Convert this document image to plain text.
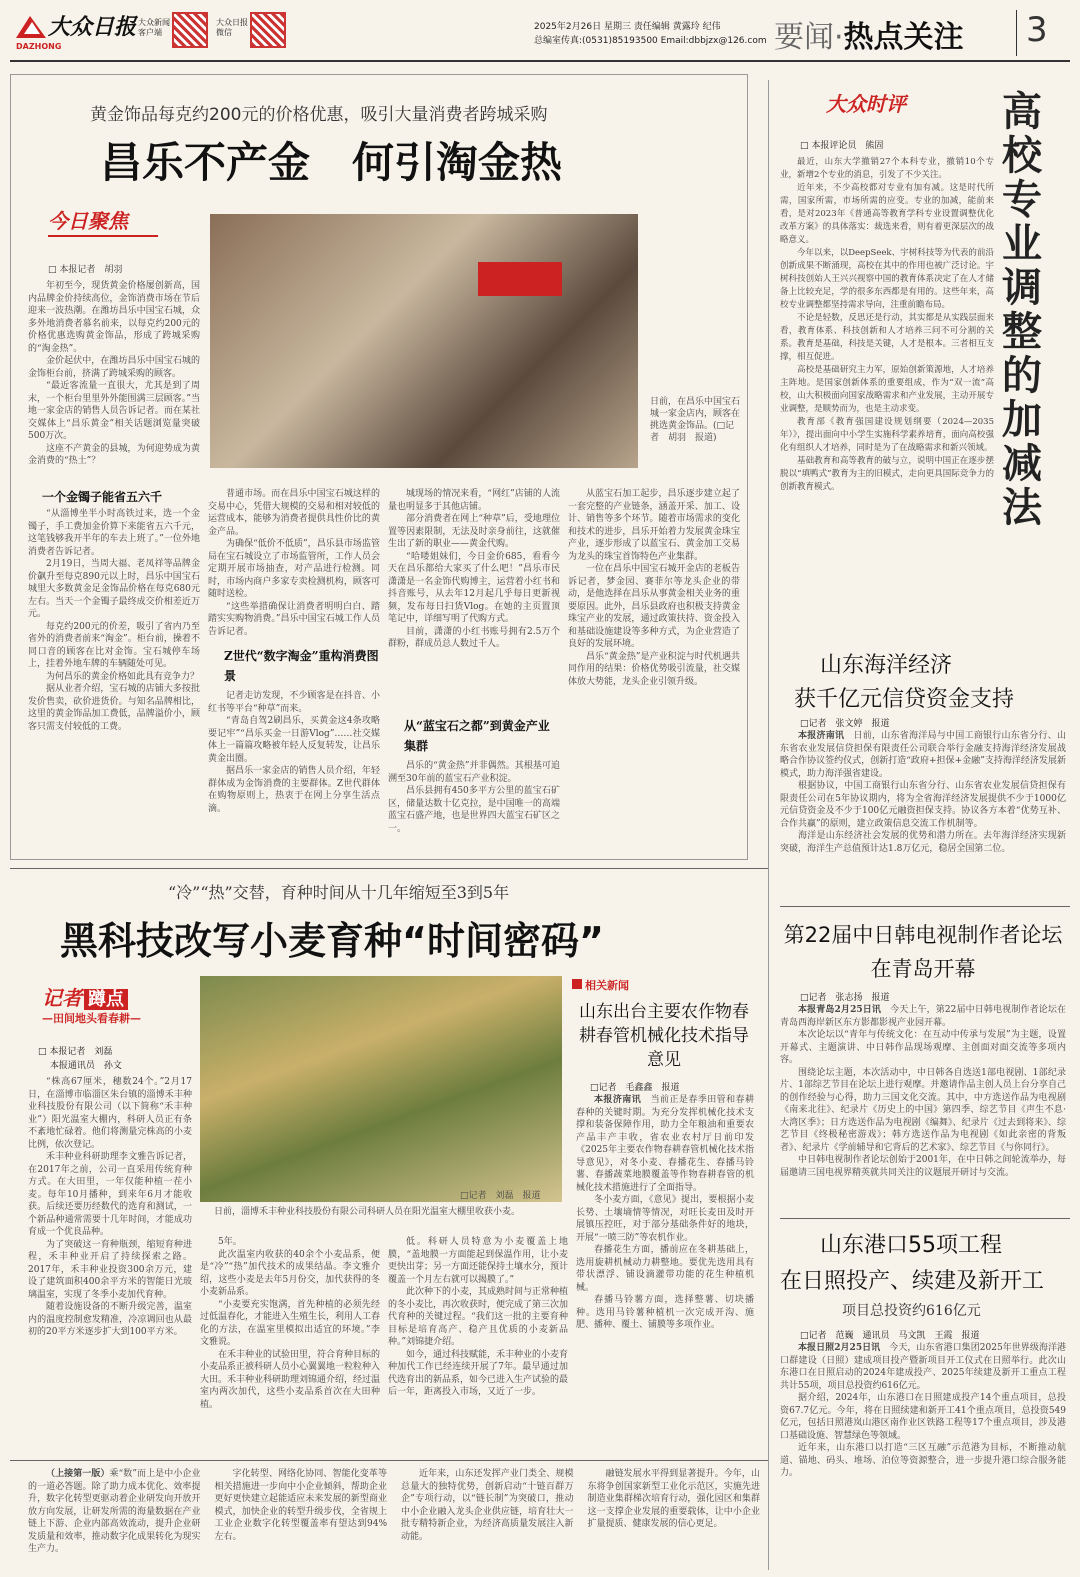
大众日报
DAZHONG
大众新闻
客户端
大众日报
微信
2025年2月26日 星期三 责任编辑 黄露玲 纪伟
总编室传真:(0531)85193500 Email:dbbjzx@126.com 要闻·热点关注 3
黄金饰品每克约200元的价格优惠，吸引大量消费者跨城采购
昌乐不产金　何引淘金热
今日聚焦
□ 本报记者　胡羽
日前，在昌乐中国宝石城一家金店内，顾客在挑选黄金饰品。(□记者　胡羽　报道)

年初至今，现货黄金价格屡创新高，国内品牌金价持续高位，金饰消费市场在节后迎来一波热潮。在潍坊昌乐中国宝石城，众多外地消费者慕名前来，以每克约200元的价格优惠选购黄金饰品，形成了跨城采购的“淘金热”。

金价起伏中，在潍坊昌乐中国宝石城的金饰柜台前，挤满了跨城采购的顾客。

“最近客流量一直很大，尤其是到了周末，一个柜台里里外外能围满三层顾客。”当地一家金店的销售人员告诉记者。而在某社交媒体上“昌乐黄金”相关话题浏览量突破500万次。

这座不产黄金的县城，为何迎势成为黄金消费的“热土”？

一个金镯子能省五六千

“从淄博坐半小时高铁过来，选一个金镯子，手工费加金价算下来能省五六千元，这笔钱够我开半年的车去上班了。”一位外地消费者告诉记者。

2月19日，当周大福、老凤祥等品牌金价飙升至每克890元以上时，昌乐中国宝石城里大多数黄金足金饰品价格在每克680元左右。当天一个金镯子最终成交价相差近万元。

每克约200元的价差，吸引了省内乃至省外的消费者前来“淘金”。柜台前，操着不同口音的顾客在比对金饰。宝石城停车场上，挂着外地车牌的车辆随处可见。

为何昌乐的黄金价格如此具有竞争力？

据从业者介绍，宝石城的店铺大多按批发价售卖，砍价进货价。与知名品牌相比，这里的黄金饰品加工费低，品牌溢价小，顾客只需支付较低的工费。

普通市场。而在昌乐中国宝石城这样的交易中心，凭借大规模的交易和相对较低的运营成本，能够为消费者提供具性价比的黄金产品。

为确保“低价不低质”，昌乐县市场监管局在宝石城设立了市场监管所，工作人员会定期开展市场抽查，对产品进行检测。同时，市场内商户多家专卖检测机构，顾客可随时送检。

“这些举措确保让消费者明明白白、踏踏实实购物消费。”昌乐中国宝石城工作人员告诉记者。

Z世代“数字淘金”重构消费图景

记者走访发现，不少顾客是在抖音、小红书等平台“种草”而来。

“青岛自驾2刷昌乐，买黄金这4条攻略要记牢”“昌乐买金一日游Vlog”……社交媒体上一篇篇攻略被年轻人反复转发，让昌乐黄金出圈。

据昌乐一家金店的销售人员介绍，年轻群体成为金饰消费的主要群体。Z世代群体在购物原则上，热衷于在网上分享生活点滴。

城现场的情况来看，“网红”店铺的人流量也明显多于其他店铺。

部分消费者在网上“种草”后，受地理位置等因素限制，无法及时亲身前往，这就催生出了新的职业——黄金代购。

“哈喽姐妹们，今日金价685，看看今天在昌乐都给大家买了什么吧！”昌乐市民潇潇是一名金饰代购博主，运营着小红书和抖音账号，从去年12月起几乎每日更新视频，发布每日扫货Vlog。在她的主页置顶笔记中，详细写明了代购方式。

目前，潇潇的小红书账号拥有2.5万个群粉，群成员总人数过千人。

从“蓝宝石之都”到黄金产业集群

昌乐的“黄金热”并非偶然。其根基可追溯至30年前的蓝宝石产业积淀。

昌乐县拥有450多平方公里的蓝宝石矿区，储量达数十亿克拉，是中国唯一的高端蓝宝石盛产地，也是世界四大蓝宝石矿区之一。

从蓝宝石加工起步，昌乐逐步建立起了一套完整的产业链条，涵盖开采、加工、设计、销售等多个环节。随着市场需求的变化和技术的进步，昌乐开始着力发展黄金珠宝产业，逐步形成了以蓝宝石、黄金加工交易为龙头的珠宝首饰特色产业集群。

一位在昌乐中国宝石城开金店的老板告诉记者，梦金园、赛菲尔等龙头企业的带动，是他选择在昌乐从事黄金相关业务的重要原因。此外，昌乐县政府也积极支持黄金珠宝产业的发展，通过政策扶持、资金投入和基础设施建设等多种方式，为企业营造了良好的发展环境。

昌乐“黄金热”是产业积淀与时代机遇共同作用的结果：价格优势吸引流量，社交媒体放大势能，龙头企业引领升级。

大众时评 高校专业调整的加减法
□ 本报评论员　熊固

最近，山东大学撤销27个本科专业，撤销10个专业，新增2个专业的消息，引发了不少关注。

近年来，不少高校都对专业有加有减。这是时代所需，国家所需，市场所需的应变。专业的加减，能前来看，是对2023年《普通高等教育学科专业设置调整优化改革方案》的具体落实：裁选来看，则有着更深层次的战略意义。

今年以来，以DeepSeek、宇树科技等为代表的前沿创新成果不断涌现，高校在其中的作用也被广泛讨论。宇树科技创始人王兴兴视察中国的教育体系决定了在人才储备上比较充足，学的很多东西都是有用的。这些年来，高校专业调整都坚持需求导向，注重前瞻布局。

不论是轻数，反思还是行动，其实都是从实践层面来看，教育体系、科技创新和人才培养三问不可分割的关系。教育是基础，科技是关键，人才是根本。三者相互支撑，相互促进。

高校是基础研究主力军，原始创新策源地，人才培养主阵地。是国家创新体系的重要组成，作为“双一流”高校，山大积极面向国家战略需求和产业发展，主动开展专业调整，是顺势而为，也是主动求变。

教育部《教育强国建设规划纲要（2024—2035年）》，提出面向中小学生实施科学素养培育，面向高校强化有组织人才培养，同时是为了在战略需求和新兴领域。

基础教育和高等教育的破与立，说明中国正在逐步摆脱以“填鸭式”教育为主的旧模式，走向更具国际竞争力的创新教育模式。

山东海洋经济
获千亿元信贷资金支持
□记者　张文婷　报道

本报济南讯　日前，山东省海洋局与中国工商银行山东省分行、山东省农业发展信贷担保有限责任公司联合举行金融支持海洋经济发展战略合作协议签约仪式，创新打造“政府+担保+金融”支持海洋经济发展新模式，助力海洋强省建设。

根据协议，中国工商银行山东省分行、山东省农业发展信贷担保有限责任公司在5年协议期内，将为全省海洋经济发展提供不少于1000亿元信贷资金及不少于100亿元融资担保支持。协议各方本着“优势互补、合作共赢”的原则，建立政策信息交流工作机制等。

海洋是山东经济社会发展的优势和潜力所在。去年海洋经济实现新突破，海洋生产总值预计达1.8万亿元，稳居全国第二位。

“冷”“热”交替，育种时间从十几年缩短至3到5年
黑科技改写小麦育种“时间密码”
记者 蹲点
—田间地头看春耕—
□ 本报记者　刘磊
　 本报通讯员　孙文
□记者　刘磊　报道
日前，淄博禾丰种业科技股份有限公司科研人员在阳光温室大棚里收获小麦。

“株高67厘米，穗数24个。”2月17日，在淄博市临淄区朱台镇的淄博禾丰种业科技股份有限公司（以下简称“禾丰种业”）阳光温室大棚内，科研人员正有条不紊地忙碌着。他们将测量完株高的小麦比例，依次登记。

禾丰种业科研助理李文雅告诉记者，在2017年之前，公司一直采用传统育种方式。在大田里，一年仅能种植一茬小麦。每年10月播种，到来年6月才能收获。后续还要历经数代的选育和测试，一个新品种通常需要十几年时间，才能成功育成一个优良品种。

为了突破这一育种瓶颈，缩短育种进程，禾丰种业开启了持续探索之路。2017年，禾丰种业投资300余万元，建设了建筑面积400余平方米的智能日光玻璃温室，实现了冬季小麦加代育种。

随着设施设备的不断升级完善，温室内的温度控制愈发精准，冷凉调回也从最初的20平方米逐步扩大到100平方米。

5年。

此次温室内收获的40余个小麦品系，便是“冷”“热”加代技术的成果结晶。李文雅介绍，这些小麦是去年5月份交，加代获得的冬小麦新品系。

“小麦要充实饱满，首先种植的必须先经过低温春化，才能进入生殖生长，利用人工春化的方法，在温室里模拟出适宜的环境。”李文雅说。

在禾丰种业的试验田里，符合育种目标的小麦品系正被科研人员小心翼翼地一粒粒种入大田。禾丰种业科研助理刘锦通介绍，经过温室内两次加代，这些小麦品系首次在大田种植。

低。科研人员特意为小麦覆盖上地膜，“盖地膜一方面能起到保温作用，让小麦更快出芽；另一方面还能保持土壤水分，预计覆盖一个月左右就可以揭膜了。”

此次种下的小麦，其成熟时间与正常种植的冬小麦比，再次收获时，便完成了第三次加代育种的关键过程。“我们这一批的主要育种目标是培育高产、稳产且优质的小麦新品种。”刘锦捷介绍。

如今，通过科技赋能，禾丰种业的小麦育种加代工作已经连续开展了7年。最早通过加代选育出的新品系，如今已进入生产试验的最后一年，距离投入市场，又近了一步。

相关新闻
山东出台主要农作物春耕春管机械化技术指导意见
□记者　毛鑫鑫　报道

本报济南讯　当前正是春季田管和春耕春种的关键时期。为充分发挥机械化技术支撑和装备保障作用，助力全年粮油和重要农产品丰产丰收，省农业农村厅日前印发《2025年主要农作物春耕春管机械化技术指导意见》，对冬小麦、春播花生、春播马铃薯、春播蔬菜地膜覆盖等作物春耕春管的机械化技术措施进行了全面指导。

冬小麦方面，《意见》提出，要根据小麦长势、土壤墒情等情况，对旺长麦田及时开展镇压控旺，对于部分基础条件好的地块，开展“一喷三防”等农机作业。

春播花生方面，播前应在冬耕基础上，选用旋耕机械动力耕整地。要优先选用具有带状漂浮、铺设滴灌带功能的花生种植机械。

春播马铃薯方面，选择整薯、切块播种。选用马铃薯种植机一次完成开沟、施肥、播种、覆土、铺膜等多项作业。

第22届中日韩电视制作者论坛在青岛开幕
□记者　张志扬　报道

本报青岛2月25日讯　今天上午，第22届中日韩电视制作者论坛在青岛西海岸新区东方影都影视产业园开幕。

本次论坛以“青年与传统文化：在互动中传承与发展”为主题，设置开幕式、主题演讲、中日韩作品现场观摩、主创面对面交流等多项内容。

围绕论坛主题，本次活动中，中日韩各自选送1部电视剧、1部纪录片、1部综艺节目在论坛上进行观摩。并邀请作品主创人员上台分享自己的创作经验与心得，助力三国文化交流。其中，中方选送作品为电视剧《南来北往》、纪录片《历史上的中国》第四季、综艺节目《声生不息·大湾区季》；日方选送作品为电视剧《编舞》、纪录片《过去到将来》、综艺节目《终极秘密游戏》；韩方选送作品为电视剧《如此亲密的背叛者》、纪录片《学前辅导和它背后的艺术家》、综艺节目《与你同行》。

中日韩电视制作者论坛创始于2001年，在中日韩之间轮流举办，每届邀请三国电视界精英就共同关注的议题展开研讨与交流。

山东港口55项工程
在日照投产、续建及新开工
项目总投资约616亿元
□记者　范巍　通讯员　马文凯　王霞　报道

本报日照2月25日讯　今天，山东省港口集团2025年世界级海洋港口群建设（日照）建成项目投产暨新项目开工仪式在日照举行。此次山东港口在日照启动的2024年建成投产、2025年续建及新开工重点工程共计55项，项目总投资约616亿元。

据介绍，2024年，山东港口在日照建成投产14个重点项目，总投资67.7亿元。今年，将在日照续建和新开工41个重点项目，总投资549亿元，包括日照港岚山港区南作业区铁路工程等17个重点项目，涉及港口基础设施、智慧绿色等领域。

近年来，山东港口以打造“三区互融”示范港为目标，不断推动航道、锚地、码头、堆场、泊位等资源整合，进一步提升港口综合服务能力。

（上接第一版）乘“数”而上是中小企业的一道必答题。除了助力成本优化、效率提升，数字化转型更驱动着企业研发向开放开放方向发展，让研发所需的海量数据在产业链上下游、企业内部高效流动，提升企业研发质量和效率，推动数字化成果转化为现实生产力。

字化转型、网络化协同、智能化变革等相关措施进一步向中小企业倾斜，帮助企业更好更快建立起能适应未来发展的新型商业模式，加快企业的转型升级步伐，全省规上工业企业数字化转型覆盖率有望达到94%左右。

近年来，山东还发挥产业门类全、规模总量大的独特优势，创新启动“十链百群万企”专项行动，以“链长制”为突破口，推动中小企业融入龙头企业供应链，培育壮大一批专精特新企业，为经济高质量发展注入新动能。

融链发展水平得到显著提升。今年，山东将争创国家新型工业化示范区，实施先进制造业集群梯次培育行动，强化园区和集群这一支撑企业发展的重要载体，让中小企业扩量提质、健康发展的信心更足。
